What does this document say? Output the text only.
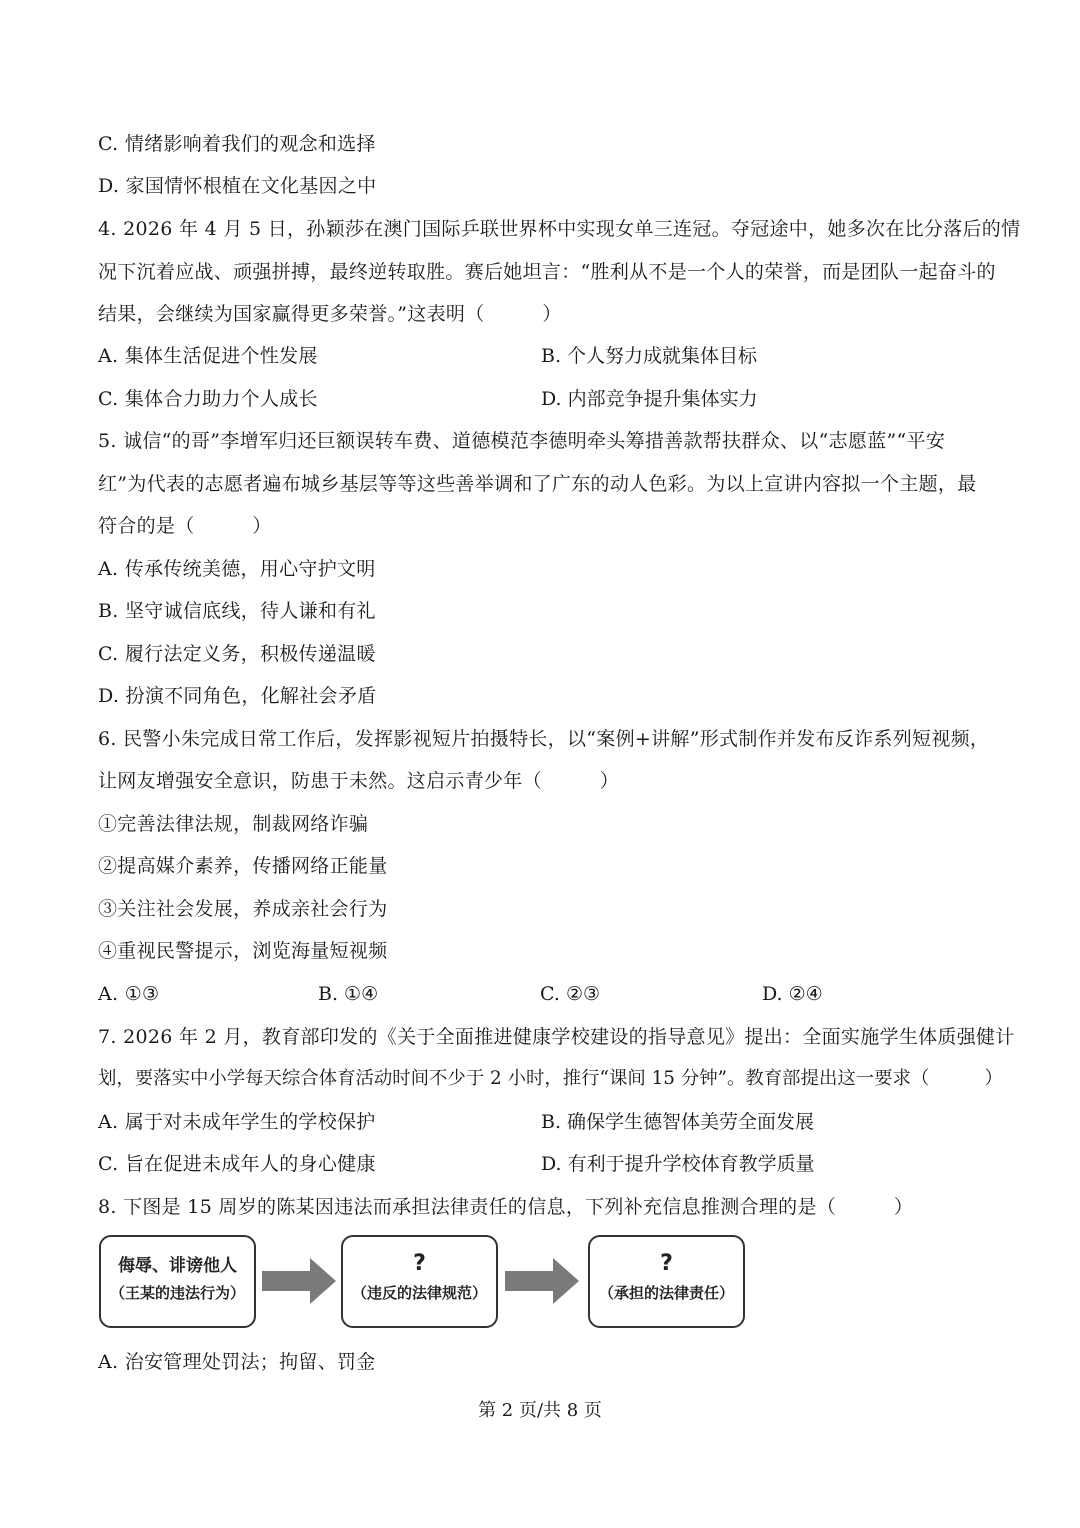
C. 情绪影响着我们的观念和选择
D. 家国情怀根植在文化基因之中
4. 2026 年 4 月 5 日，孙颖莎在澳门国际乒联世界杯中实现女单三连冠。夺冠途中，她多次在比分落后的情
况下沉着应战、顽强拼搏，最终逆转取胜。赛后她坦言：“胜利从不是一个人的荣誉，而是团队一起奋斗的
结果，会继续为国家赢得更多荣誉。”这表明（　　　）
A. 集体生活促进个性发展	B. 个人努力成就集体目标
C. 集体合力助力个人成长	D. 内部竞争提升集体实力
5. 诚信“的哥”李增军归还巨额误转车费、道德模范李德明牵头筹措善款帮扶群众、以“志愿蓝”“平安
红”为代表的志愿者遍布城乡基层等等这些善举调和了广东的动人色彩。为以上宣讲内容拟一个主题，最
符合的是（　　　）
A. 传承传统美德，用心守护文明
B. 坚守诚信底线，待人谦和有礼
C. 履行法定义务，积极传递温暖
D. 扮演不同角色，化解社会矛盾
6. 民警小朱完成日常工作后，发挥影视短片拍摄特长，以“案例+讲解”形式制作并发布反诈系列短视频，
让网友增强安全意识，防患于未然。这启示青少年（　　　）
①完善法律法规，制裁网络诈骗
②提高媒介素养，传播网络正能量
③关注社会发展，养成亲社会行为
④重视民警提示，浏览海量短视频
A. ①③	B. ①④	C. ②③	D. ②④
7. 2026 年 2 月，教育部印发的《关于全面推进健康学校建设的指导意见》提出：全面实施学生体质强健计
划，要落实中小学每天综合体育活动时间不少于 2 小时，推行“课间 15 分钟”。教育部提出这一要求（　　　）
A. 属于对未成年学生的学校保护	B. 确保学生德智体美劳全面发展
C. 旨在促进未成年人的身心健康	D. 有利于提升学校体育教学质量
8. 下图是 15 周岁的陈某因违法而承担法律责任的信息，下列补充信息推测合理的是（　　　）
侮辱、诽谤他人
（王某的违法行为）
?
（违反的法律规范）
?
（承担的法律责任）
A. 治安管理处罚法；拘留、罚金
第 2 页/共 8 页
